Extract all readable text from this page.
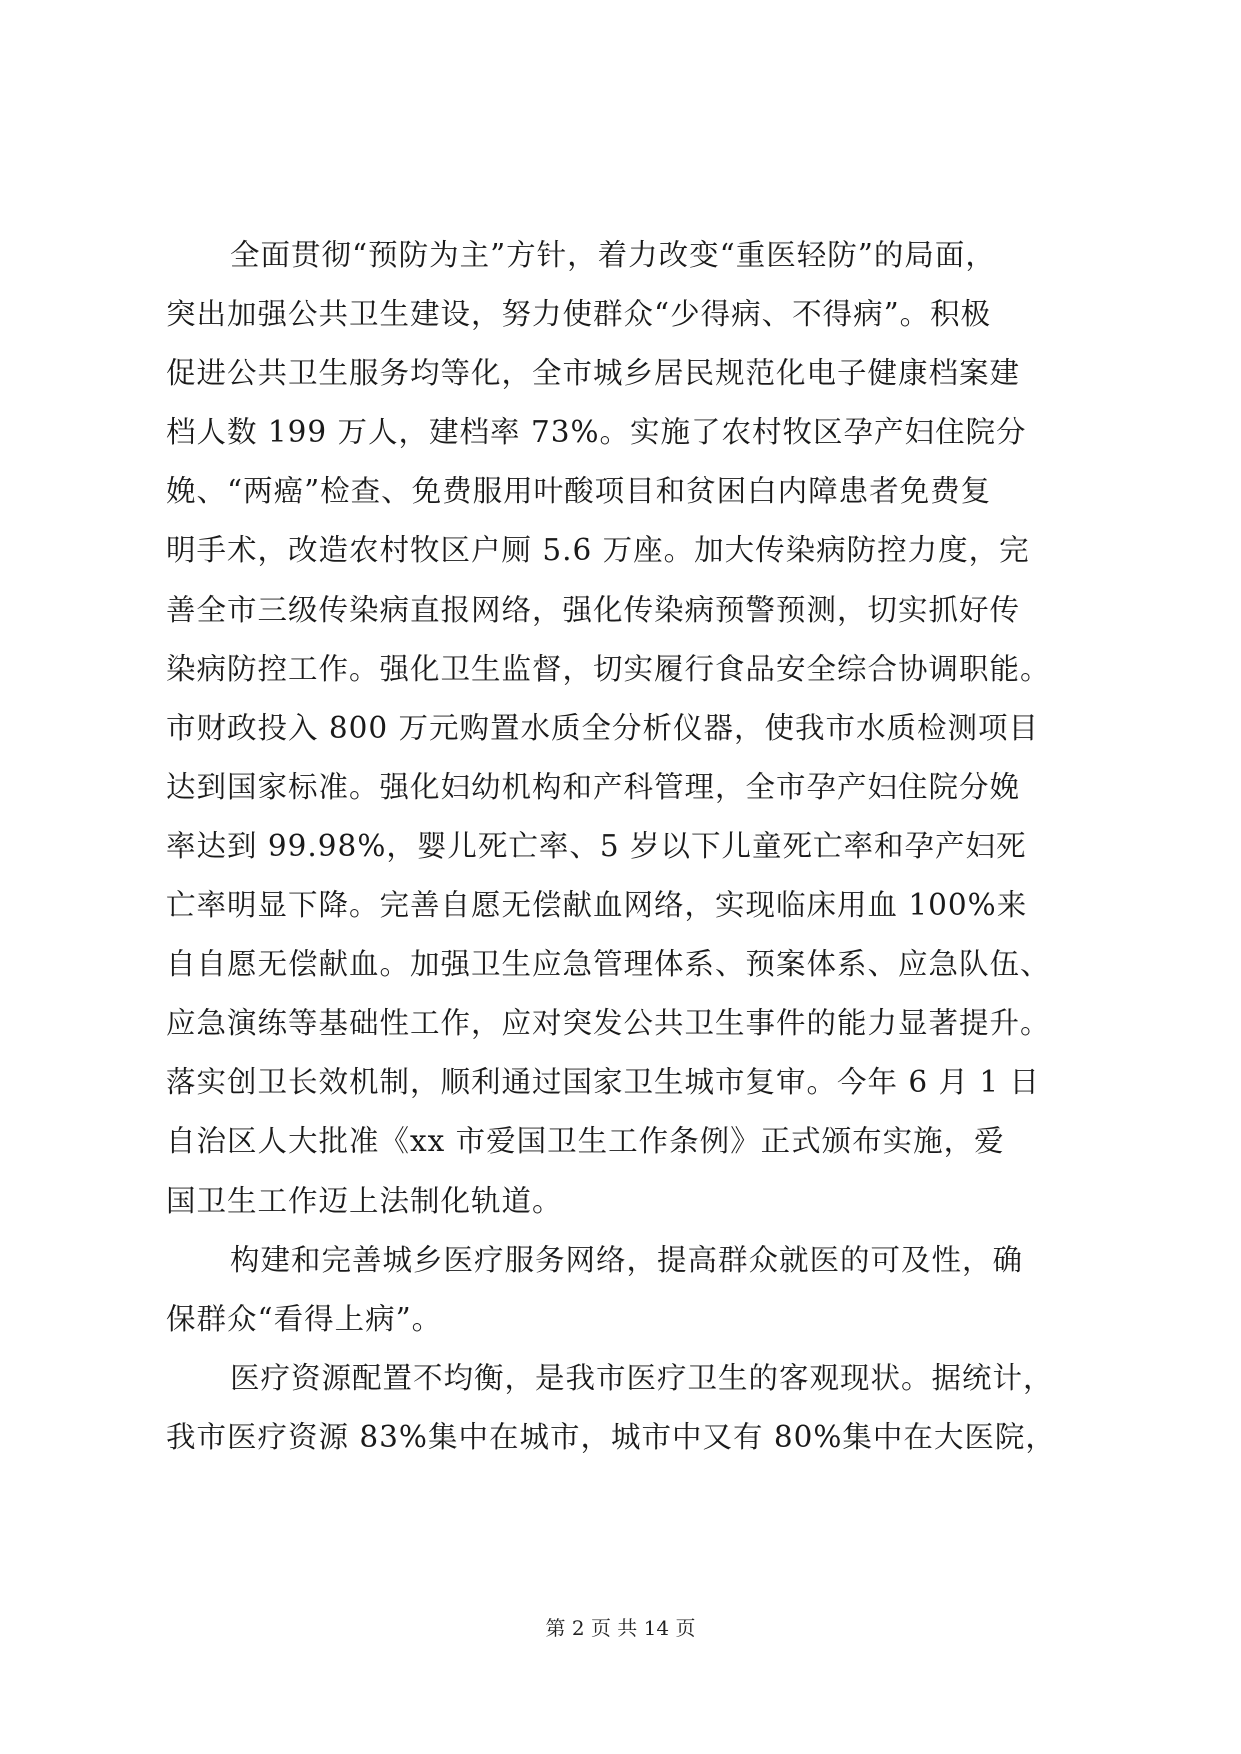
全面贯彻“预防为主”方针，着力改变“重医轻防”的局面，
突出加强公共卫生建设，努力使群众“少得病、不得病”。积极
促进公共卫生服务均等化，全市城乡居民规范化电子健康档案建
档人数 199 万人，建档率 73%。实施了农村牧区孕产妇住院分
娩、“两癌”检查、免费服用叶酸项目和贫困白内障患者免费复
明手术，改造农村牧区户厕 5.6 万座。加大传染病防控力度，完
善全市三级传染病直报网络，强化传染病预警预测，切实抓好传
染病防控工作。强化卫生监督，切实履行食品安全综合协调职能。
市财政投入 800 万元购置水质全分析仪器，使我市水质检测项目
达到国家标准。强化妇幼机构和产科管理，全市孕产妇住院分娩
率达到 99.98%，婴儿死亡率、5 岁以下儿童死亡率和孕产妇死
亡率明显下降。完善自愿无偿献血网络，实现临床用血 100%来
自自愿无偿献血。加强卫生应急管理体系、预案体系、应急队伍、
应急演练等基础性工作，应对突发公共卫生事件的能力显著提升。
落实创卫长效机制，顺利通过国家卫生城市复审。今年 6 月 1 日
自治区人大批准《xx 市爱国卫生工作条例》正式颁布实施，爱
国卫生工作迈上法制化轨道。
构建和完善城乡医疗服务网络，提高群众就医的可及性，确
保群众“看得上病”。
医疗资源配置不均衡，是我市医疗卫生的客观现状。据统计，
我市医疗资源 83%集中在城市，城市中又有 80%集中在大医院，
第 2 页 共 14 页
